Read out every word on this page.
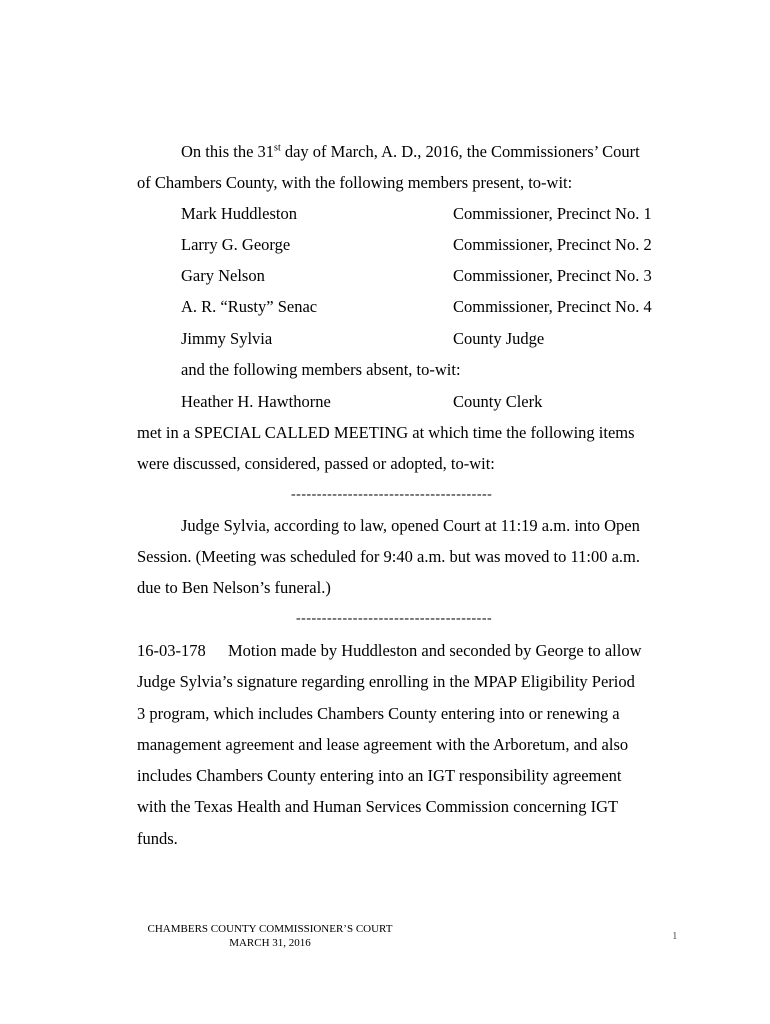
On this the 31st day of March, A. D., 2016, the Commissioners’ Court
of Chambers County, with the following members present, to-wit:
Mark Huddleston	Commissioner, Precinct No. 1
Larry G. George	Commissioner, Precinct No. 2
Gary Nelson	Commissioner, Precinct No. 3
A. R. “Rusty” Senac	Commissioner, Precinct No. 4
Jimmy Sylvia	County Judge
and the following members absent, to-wit:
Heather H. Hawthorne	County Clerk
met in a SPECIAL CALLED MEETING at which time the following items
were discussed, considered, passed or adopted, to-wit:
---------------------------------------
Judge Sylvia, according to law, opened Court at 11:19 a.m. into Open
Session. (Meeting was scheduled for 9:40 a.m. but was moved to 11:00 a.m.
due to Ben Nelson’s funeral.)
--------------------------------------
16-03-178 Motion made by Huddleston and seconded by George to allow
Judge Sylvia’s signature regarding enrolling in the MPAP Eligibility Period
3 program, which includes Chambers County entering into or renewing a
management agreement and lease agreement with the Arboretum, and also
includes Chambers County entering into an IGT responsibility agreement
with the Texas Health and Human Services Commission concerning IGT
funds.
CHAMBERS COUNTY COMMISSIONER’S COURT
MARCH 31, 2016
1
